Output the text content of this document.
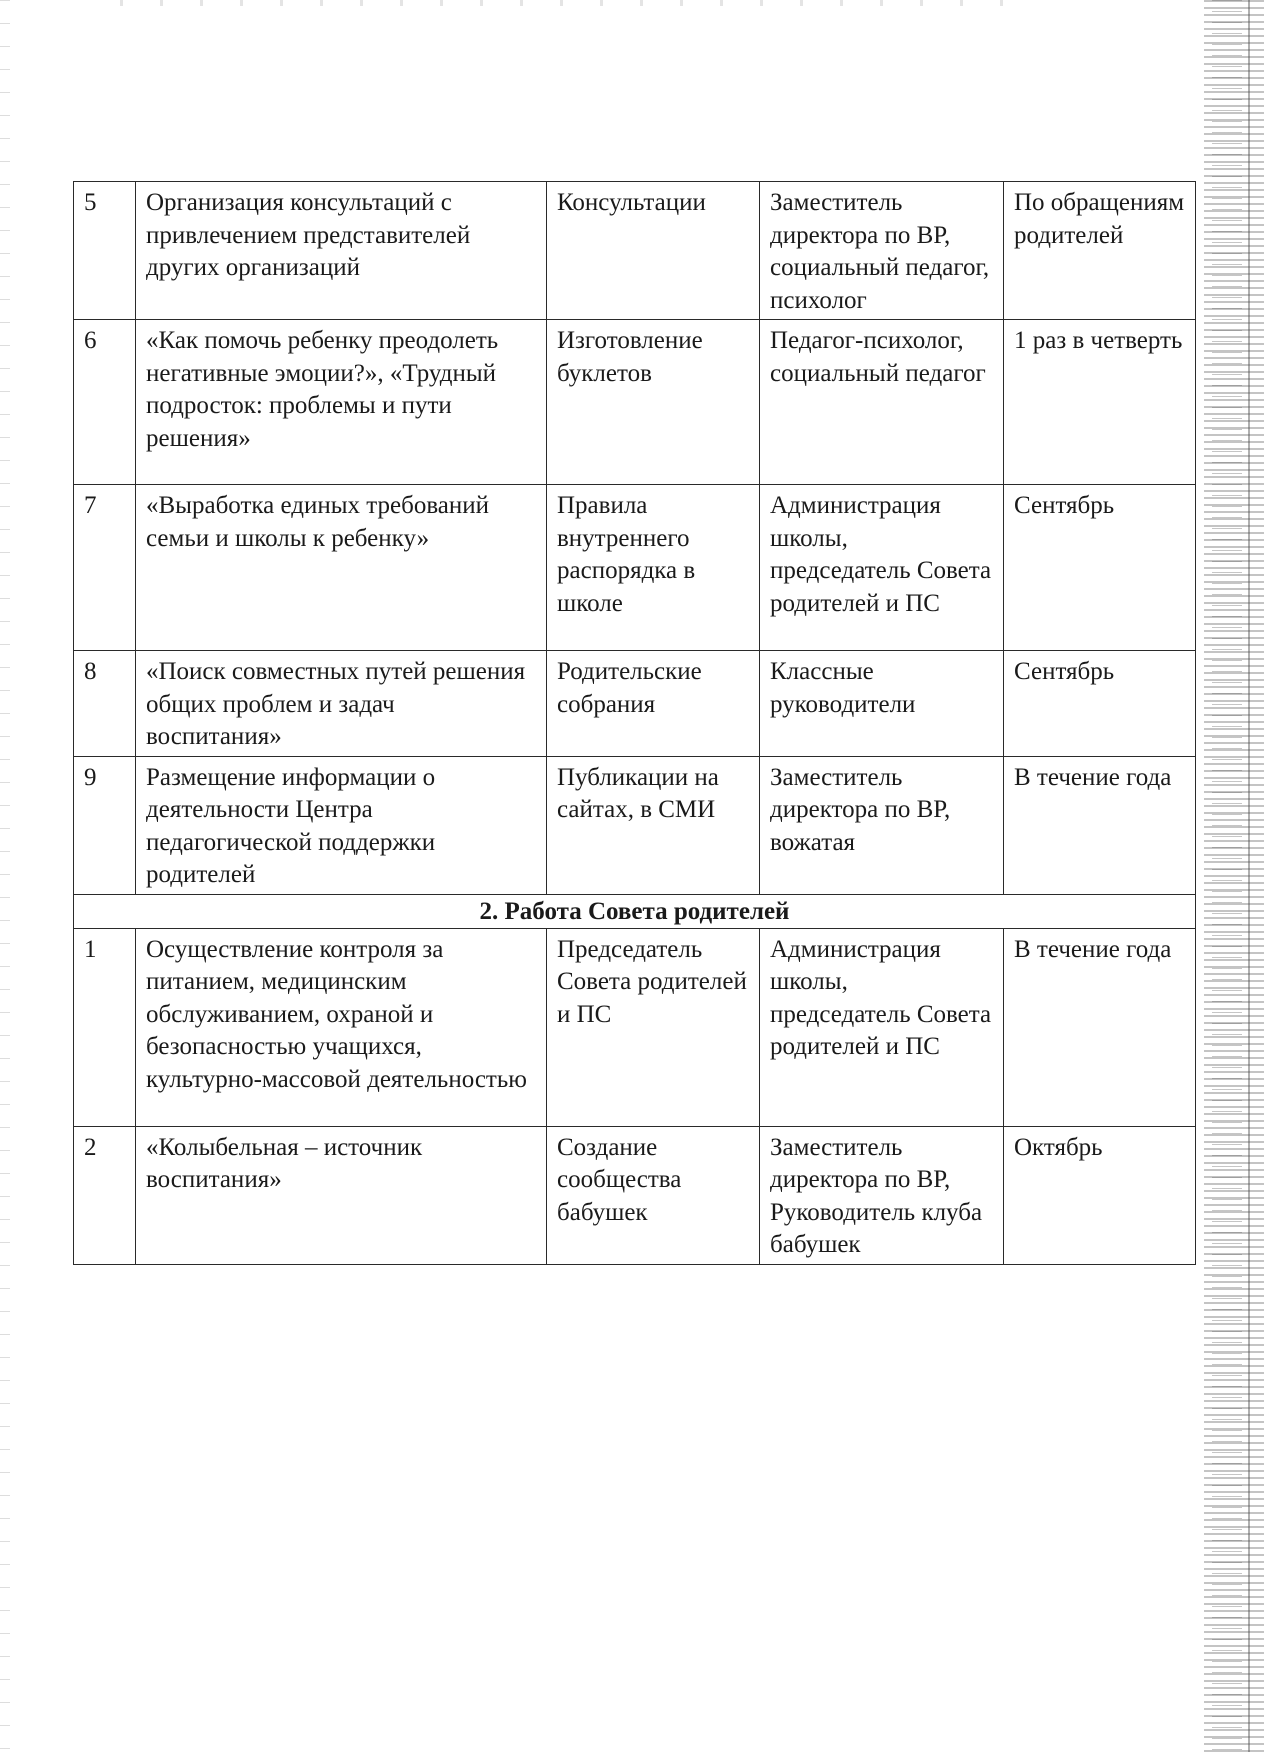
5	Организация консультаций с привлечением представителей других организаций	Консультации	Заместитель директора по ВР, социальный педагог, психолог	По обращениям родителей
6	«Как помочь ребенку преодолеть негативные эмоции?», «Трудный подросток: проблемы и пути решения»	Изготовление буклетов	Педагог-психолог, социальный педагог	1 раз в четверть
7	«Выработка единых требований семьи и школы к ребенку»	Правила внутреннего распорядка в школе	Администрация школы, председатель Совета родителей и ПС	Сентябрь
8	«Поиск совместных путей решения общих проблем и задач воспитания»	Родительские собрания	Классные руководители	Сентябрь
9	Размещение информации о деятельности Центра педагогической поддержки родителей	Публикации на сайтах, в СМИ	Заместитель директора по ВР, вожатая	В течение года
2. Работа Совета родителей				
1	Осуществление контроля за питанием, медицинским обслуживанием, охраной и безопасностью учащихся, культурно-массовой деятельностью	Председатель Совета родителей и ПС	Администрация школы, председатель Совета родителей и ПС	В течение года
2	«Колыбельная – источник воспитания»	Создание сообщества бабушек	Заместитель директора по ВР, Руководитель клуба бабушек	Октябрь
